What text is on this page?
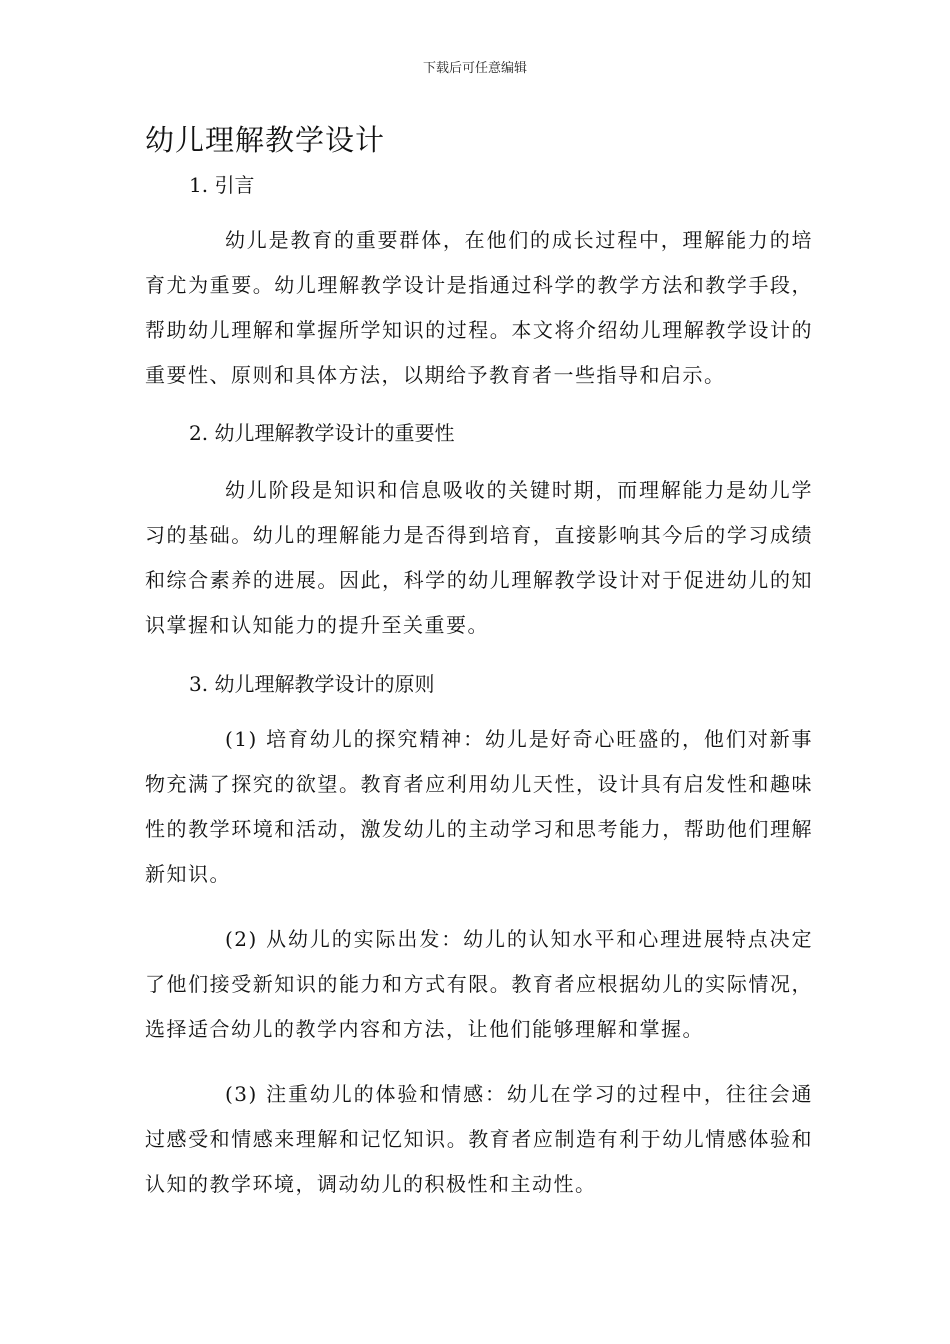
下载后可任意编辑
幼儿理解教学设计
1. 引言

幼儿是教育的重要群体，在他们的成长过程中，理解能力的培育尤为重要。幼儿理解教学设计是指通过科学的教学方法和教学手段，帮助幼儿理解和掌握所学知识的过程。本文将介绍幼儿理解教学设计的重要性、原则和具体方法，以期给予教育者一些指导和启示。

2. 幼儿理解教学设计的重要性

幼儿阶段是知识和信息吸收的关键时期，而理解能力是幼儿学习的基础。幼儿的理解能力是否得到培育，直接影响其今后的学习成绩和综合素养的进展。因此，科学的幼儿理解教学设计对于促进幼儿的知识掌握和认知能力的提升至关重要。

3. 幼儿理解教学设计的原则

(1) 培育幼儿的探究精神：幼儿是好奇心旺盛的，他们对新事物充满了探究的欲望。教育者应利用幼儿天性，设计具有启发性和趣味性的教学环境和活动，激发幼儿的主动学习和思考能力，帮助他们理解新知识。

(2) 从幼儿的实际出发：幼儿的认知水平和心理进展特点决定了他们接受新知识的能力和方式有限。教育者应根据幼儿的实际情况，选择适合幼儿的教学内容和方法，让他们能够理解和掌握。

(3) 注重幼儿的体验和情感：幼儿在学习的过程中，往往会通过感受和情感来理解和记忆知识。教育者应制造有利于幼儿情感体验和认知的教学环境，调动幼儿的积极性和主动性。
